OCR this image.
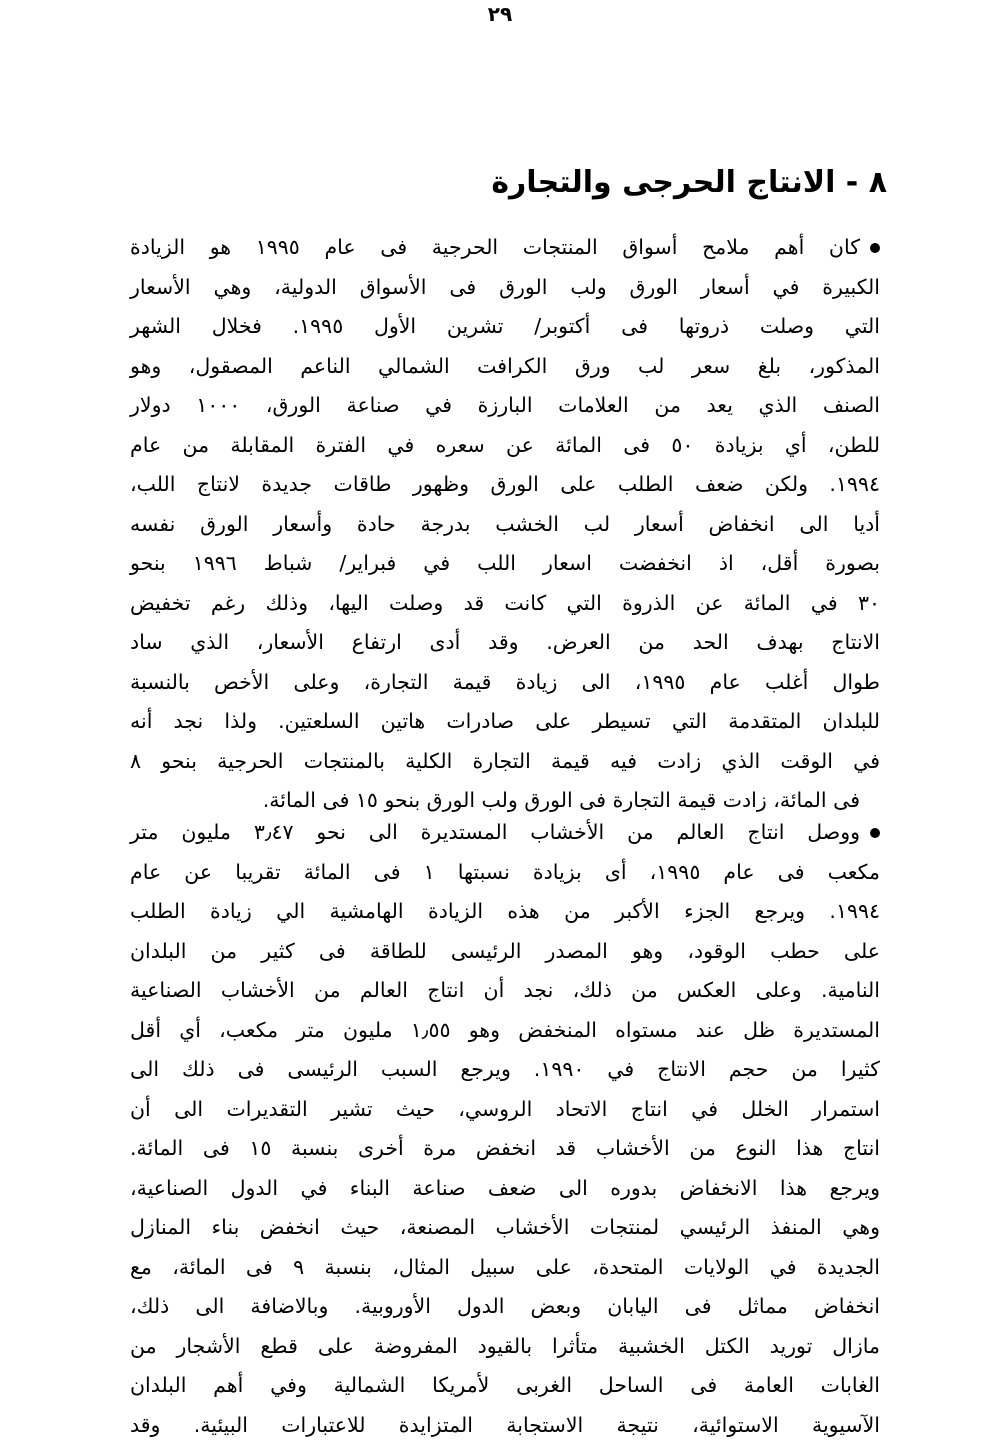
٢٩
٨ - الانتاج الحرجى والتجارة
كان أهم ملامح أسواق المنتجات الحرجية فى عام ١٩٩٥ هو الزيادة
الكبيرة في أسعار الورق ولب الورق فى الأسواق الدولية، وهي الأسعار
التي وصلت ذروتها فى أكتوبر/ تشرين الأول ١٩٩٥. فخلال الشهر
المذكور، بلغ سعر لب ورق الكرافت الشمالي الناعم المصقول، وهو
الصنف الذي يعد من العلامات البارزة في صناعة الورق، ١٠٠٠ دولار
للطن، أي بزيادة ٥٠ فى المائة عن سعره في الفترة المقابلة من عام
١٩٩٤. ولكن ضعف الطلب على الورق وظهور طاقات جديدة لانتاج اللب،
أديا الى انخفاض أسعار لب الخشب بدرجة حادة وأسعار الورق نفسه
بصورة أقل، اذ انخفضت اسعار اللب في فبراير/ شباط ١٩٩٦ بنحو
٣٠ في المائة عن الذروة التي كانت قد وصلت اليها، وذلك رغم تخفيض
الانتاج بهدف الحد من العرض. وقد أدى ارتفاع الأسعار، الذي ساد
طوال أغلب عام ١٩٩٥، الى زيادة قيمة التجارة، وعلى الأخص بالنسبة
للبلدان المتقدمة التي تسيطر على صادرات هاتين السلعتين. ولذا نجد أنه
في الوقت الذي زادت فيه قيمة التجارة الكلية بالمنتجات الحرجية بنحو ٨
فى المائة، زادت قيمة التجارة فى الورق ولب الورق بنحو ١٥ فى المائة.
ووصل انتاج العالم من الأخشاب المستديرة الى نحو ٣٫٤٧ مليون متر
مكعب فى عام ١٩٩٥، أى بزيادة نسبتها ١ فى المائة تقريبا عن عام
١٩٩٤. ويرجع الجزء الأكبر من هذه الزيادة الهامشية الي زيادة الطلب
على حطب الوقود، وهو المصدر الرئيسى للطاقة فى كثير من البلدان
النامية. وعلى العكس من ذلك، نجد أن انتاج العالم من الأخشاب الصناعية
المستديرة ظل عند مستواه المنخفض وهو ١٫٥٥ مليون متر مكعب، أي أقل
كثيرا من حجم الانتاج في ١٩٩٠. ويرجع السبب الرئيسى فى ذلك الى
استمرار الخلل في انتاج الاتحاد الروسي، حيث تشير التقديرات الى أن
انتاج هذا النوع من الأخشاب قد انخفض مرة أخرى بنسبة ١٥ فى المائة.
ويرجع هذا الانخفاض بدوره الى ضعف صناعة البناء في الدول الصناعية،
وهي المنفذ الرئيسي لمنتجات الأخشاب المصنعة، حيث انخفض بناء المنازل
الجديدة في الولايات المتحدة، على سبيل المثال، بنسبة ٩ فى المائة، مع
انخفاض مماثل فى اليابان وبعض الدول الأوروبية. وبالاضافة الى ذلك،
مازال توريد الكتل الخشبية متأثرا بالقيود المفروضة على قطع الأشجار من
الغابات العامة فى الساحل الغربى لأمريكا الشمالية وفي أهم البلدان
الآسيوية الاستوائية، نتيجة الاستجابة المتزايدة للاعتبارات البيئية. وقد
